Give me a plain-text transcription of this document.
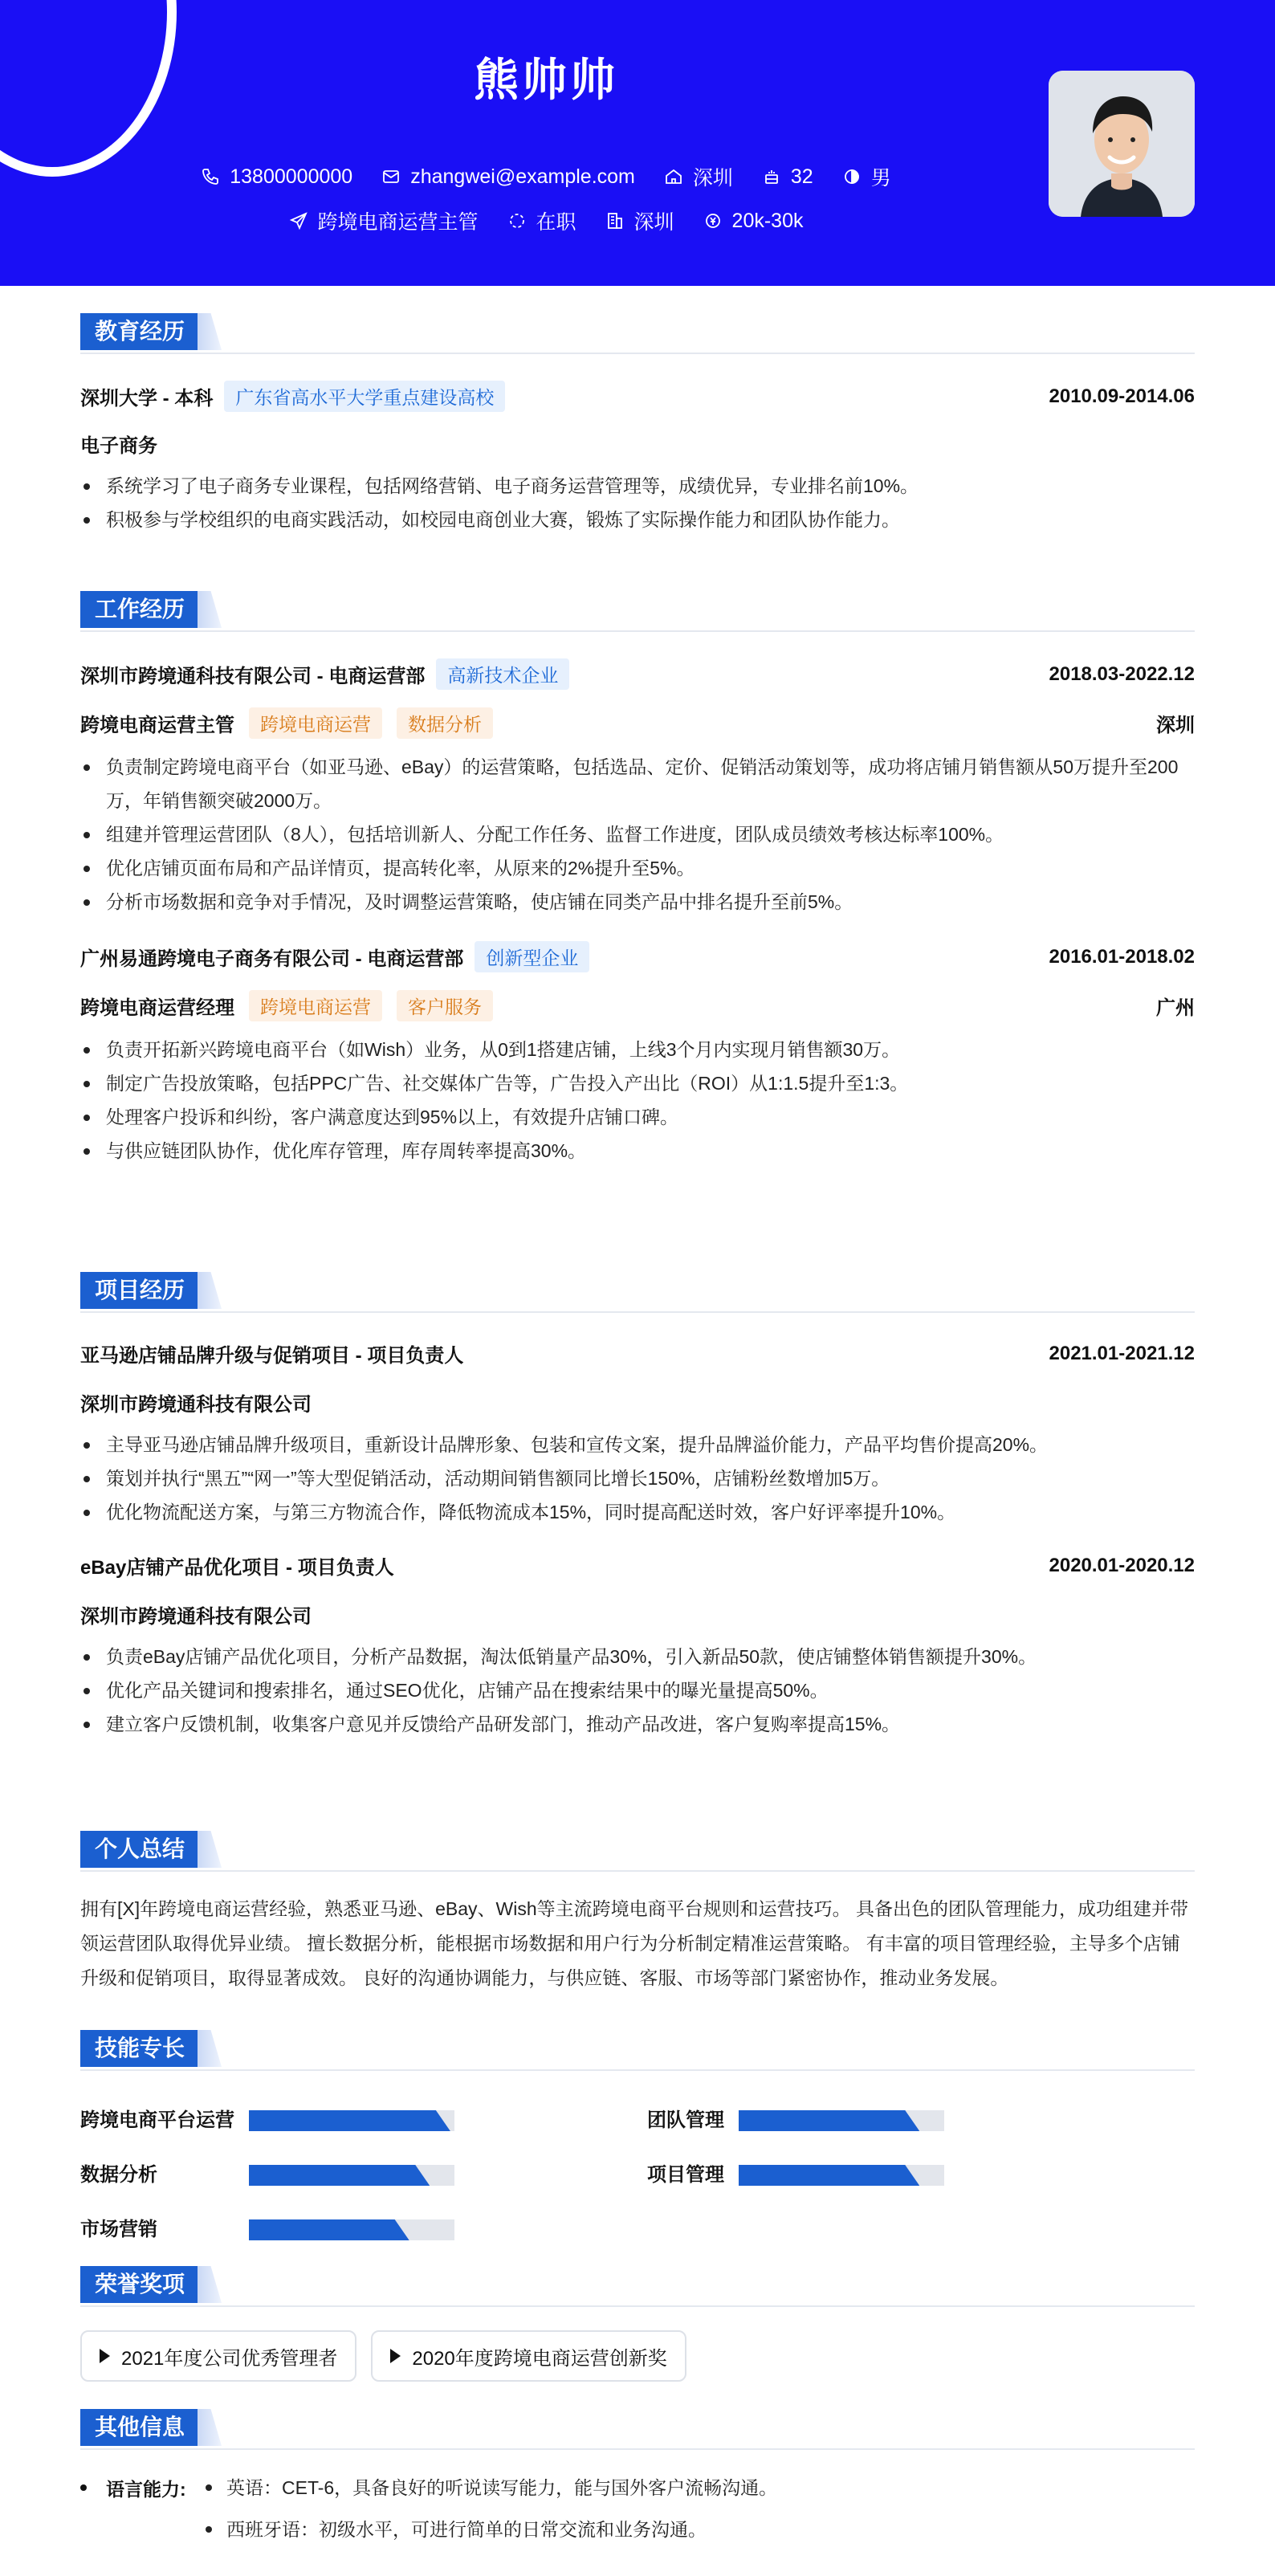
熊帅帅
13800000000	zhangwei@example.com	深圳	32	男
跨境电商运营主管	在职	深圳	20k-30k
教育经历
深圳大学 - 本科	广东省高水平大学重点建设高校	2010.09-2014.06
电子商务
系统学习了电子商务专业课程，包括网络营销、电子商务运营管理等，成绩优异，专业排名前10%。
积极参与学校组织的电商实践活动，如校园电商创业大赛，锻炼了实际操作能力和团队协作能力。
工作经历
深圳市跨境通科技有限公司 - 电商运营部	高新技术企业	2018.03-2022.12
跨境电商运营主管	跨境电商运营	数据分析	深圳
负责制定跨境电商平台（如亚马逊、eBay）的运营策略，包括选品、定价、促销活动策划等，成功将店铺月销售额从50万提升至200万，年销售额突破2000万。
组建并管理运营团队（8人），包括培训新人、分配工作任务、监督工作进度，团队成员绩效考核达标率100%。
优化店铺页面布局和产品详情页，提高转化率，从原来的2%提升至5%。
分析市场数据和竞争对手情况，及时调整运营策略，使店铺在同类产品中排名提升至前5%。
广州易通跨境电子商务有限公司 - 电商运营部	创新型企业	2016.01-2018.02
跨境电商运营经理	跨境电商运营	客户服务	广州
负责开拓新兴跨境电商平台（如Wish）业务，从0到1搭建店铺，上线3个月内实现月销售额30万。
制定广告投放策略，包括PPC广告、社交媒体广告等，广告投入产出比（ROI）从1:1.5提升至1:3。
处理客户投诉和纠纷，客户满意度达到95%以上，有效提升店铺口碑。
与供应链团队协作，优化库存管理，库存周转率提高30%。
项目经历
亚马逊店铺品牌升级与促销项目 - 项目负责人	2021.01-2021.12
深圳市跨境通科技有限公司
主导亚马逊店铺品牌升级项目，重新设计品牌形象、包装和宣传文案，提升品牌溢价能力，产品平均售价提高20%。
策划并执行“黑五”“网一”等大型促销活动，活动期间销售额同比增长150%，店铺粉丝数增加5万。
优化物流配送方案，与第三方物流合作，降低物流成本15%，同时提高配送时效，客户好评率提升10%。
eBay店铺产品优化项目 - 项目负责人	2020.01-2020.12
深圳市跨境通科技有限公司
负责eBay店铺产品优化项目，分析产品数据，淘汰低销量产品30%，引入新品50款，使店铺整体销售额提升30%。
优化产品关键词和搜索排名，通过SEO优化，店铺产品在搜索结果中的曝光量提高50%。
建立客户反馈机制，收集客户意见并反馈给产品研发部门，推动产品改进，客户复购率提高15%。
个人总结
拥有[X]年跨境电商运营经验，熟悉亚马逊、eBay、Wish等主流跨境电商平台规则和运营技巧。 具备出色的团队管理能力，成功组建并带领运营团队取得优异业绩。 擅长数据分析，能根据市场数据和用户行为分析制定精准运营策略。 有丰富的项目管理经验，主导多个店铺升级和促销项目，取得显著成效。 良好的沟通协调能力，与供应链、客服、市场等部门紧密协作，推动业务发展。
技能专长
跨境电商平台运营	团队管理
数据分析	项目管理
市场营销
荣誉奖项
2021年度公司优秀管理者	2020年度跨境电商运营创新奖
其他信息
语言能力:	英语：CET-6，具备良好的听说读写能力，能与国外客户流畅沟通。
西班牙语：初级水平，可进行简单的日常交流和业务沟通。
